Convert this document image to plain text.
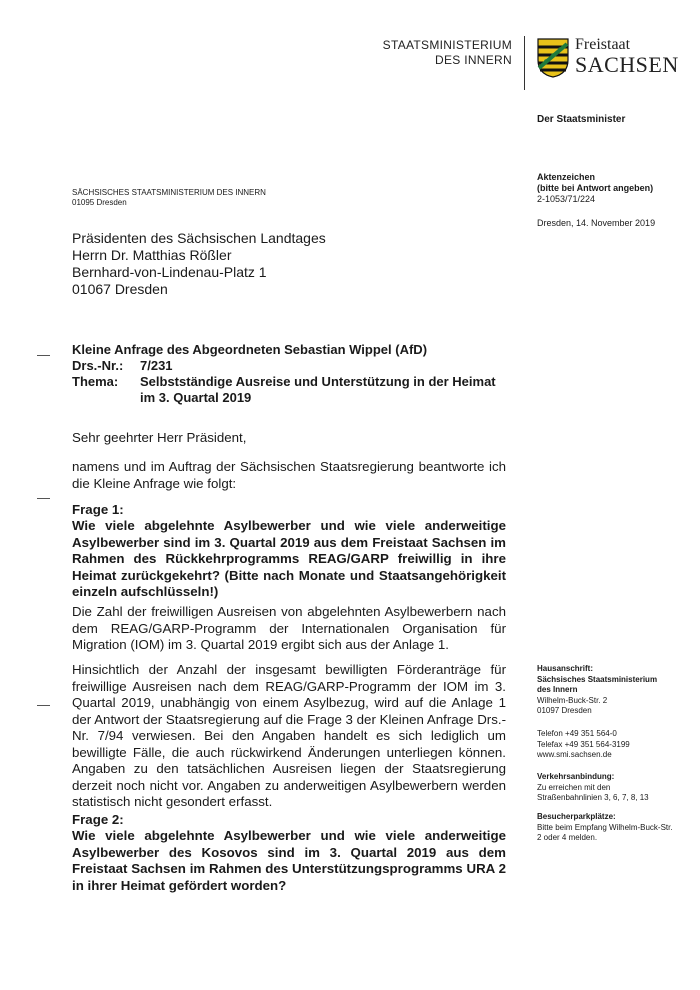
STAATSMINISTERIUM
DES INNERN
Freistaat
SACHSEN
Der Staatsminister
Aktenzeichen
(bitte bei Antwort angeben)
2-1053/71/224
Dresden, 14. November 2019
SÄCHSISCHES STAATSMINISTERIUM DES INNERN
01095 Dresden
Präsidenten des Sächsischen Landtages
Herrn Dr. Matthias Rößler
Bernhard-von-Lindenau-Platz 1
01067 Dresden
Kleine Anfrage des Abgeordneten Sebastian Wippel (AfD)
Drs.-Nr.:	7/231
Thema:	Selbstständige Ausreise und Unterstützung in der Heimat
im 3. Quartal 2019
Sehr geehrter Herr Präsident,
namens und im Auftrag der Sächsischen Staatsregierung beantworte ich die Kleine Anfrage wie folgt:
Frage 1:
Wie viele abgelehnte Asylbewerber und wie viele anderweitige Asylbewerber sind im 3. Quartal 2019 aus dem Freistaat Sachsen im Rahmen des Rückkehrprogramms REAG/GARP freiwillig in ihre Heimat zurückgekehrt? (Bitte nach Monate und Staatsangehörigkeit einzeln aufschlüsseln!)
Die Zahl der freiwilligen Ausreisen von abgelehnten Asylbewerbern nach dem REAG/GARP-Programm der Internationalen Organisation für Migration (IOM) im 3. Quartal 2019 ergibt sich aus der Anlage 1.
Hinsichtlich der Anzahl der insgesamt bewilligten Förderanträge für freiwillige Ausreisen nach dem REAG/GARP-Programm der IOM im 3. Quartal 2019, unabhängig von einem Asylbezug, wird auf die Anlage 1 der Antwort der Staatsregierung auf die Frage 3 der Kleinen Anfrage Drs.-Nr. 7/94 verwiesen. Bei den Angaben handelt es sich lediglich um bewilligte Fälle, die auch rückwirkend Änderungen unterliegen können. Angaben zu den tatsächlichen Ausreisen liegen der Staatsregierung derzeit noch nicht vor. Angaben zu anderweitigen Asylbewerbern werden statistisch nicht gesondert erfasst.
Frage 2:
Wie viele abgelehnte Asylbewerber und wie viele anderweitige Asylbewerber des Kosovos sind im 3. Quartal 2019 aus dem Freistaat Sachsen im Rahmen des Unterstützungsprogramms URA 2 in ihrer Heimat gefördert worden?
Hausanschrift:
Sächsisches Staatsministerium
des Innern
Wilhelm-Buck-Str. 2
01097 Dresden
Telefon +49 351 564-0
Telefax +49 351 564-3199
www.smi.sachsen.de
Verkehrsanbindung:
Zu erreichen mit den Straßenbahnlinien 3, 6, 7, 8, 13
Besucherparkplätze:
Bitte beim Empfang Wilhelm-Buck-Str. 2 oder 4 melden.
